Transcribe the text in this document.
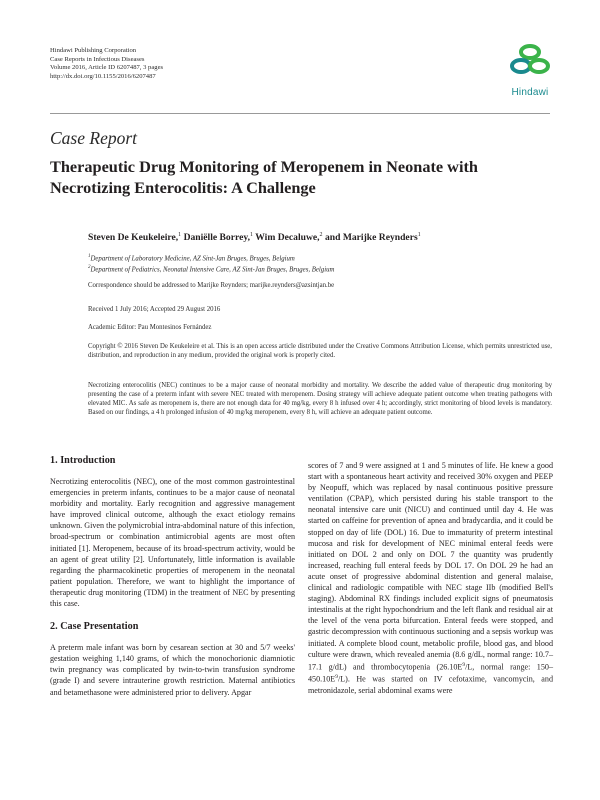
Hindawi Publishing Corporation
Case Reports in Infectious Diseases
Volume 2016, Article ID 6207487, 3 pages
http://dx.doi.org/10.1155/2016/6207487
Hindawi
Case Report
Therapeutic Drug Monitoring of Meropenem in Neonate with Necrotizing Enterocolitis: A Challenge
Steven De Keukeleire,$^1$ Daniëlle Borrey,$^1$ Wim Decaluwe,$^2$ and Marijke Reynders$^1$
$^1$Department of Laboratory Medicine, AZ Sint-Jan Bruges, Bruges, Belgium
$^2$Department of Pediatrics, Neonatal Intensive Care, AZ Sint-Jan Bruges, Bruges, Belgium
Correspondence should be addressed to Marijke Reynders; marijke.reynders@azsintjan.be
Received 1 July 2016; Accepted 29 August 2016
Academic Editor: Pau Montesinos Fernández
Copyright © 2016 Steven De Keukeleire et al. This is an open access article distributed under the Creative Commons Attribution License, which permits unrestricted use, distribution, and reproduction in any medium, provided the original work is properly cited.
Necrotizing enterocolitis (NEC) continues to be a major cause of neonatal morbidity and mortality. We describe the added value of therapeutic drug monitoring by presenting the case of a preterm infant with severe NEC treated with meropenem. Dosing strategy will achieve adequate patient outcome when treating pathogens with elevated MIC. As safe as meropenem is, there are not enough data for 40 mg/kg, every 8 h infused over 4 h; accordingly, strict monitoring of blood levels is mandatory. Based on our findings, a 4 h prolonged infusion of 40 mg/kg meropenem, every 8 h, will achieve an adequate patient outcome.
1. Introduction

Necrotizing enterocolitis (NEC), one of the most common gastrointestinal emergencies in preterm infants, continues to be a major cause of neonatal morbidity and mortality. Early recognition and aggressive management have improved clinical outcome, although the exact etiology remains unknown. Given the polymicrobial intra-abdominal nature of this infection, broad-spectrum or combination antimicrobial agents are most often initiated [1]. Meropenem, because of its broad-spectrum activity, would be an agent of great utility [2]. Unfortunately, little information is available regarding the pharmacokinetic properties of meropenem in the neonatal patient population. Therefore, we want to highlight the importance of therapeutic drug monitoring (TDM) in the treatment of NEC by presenting this case.

2. Case Presentation

A preterm male infant was born by cesarean section at 30 and 5/7 weeks' gestation weighing 1,140 grams, of which the monochorionic diamniotic twin pregnancy was complicated by twin-to-twin transfusion syndrome (grade I) and severe intrauterine growth restriction. Maternal antibiotics and betamethasone were administered prior to delivery. Apgar

scores of 7 and 9 were assigned at 1 and 5 minutes of life. He knew a good start with a spontaneous heart activity and received 30% oxygen and PEEP by Neopuff, which was replaced by nasal continuous positive pressure ventilation (CPAP), which persisted during his stable transport to the neonatal intensive care unit (NICU) and continued until day 4. He was started on caffeine for prevention of apnea and bradycardia, and it could be stopped on day of life (DOL) 16. Due to immaturity of preterm intestinal mucosa and risk for development of NEC minimal enteral feeds were initiated on DOL 2 and only on DOL 7 the quantity was prudently increased, reaching full enteral feeds by DOL 17. On DOL 29 he had an acute onset of progressive abdominal distention and general malaise, clinical and radiologic compatible with NEC stage IIb (modified Bell's staging). Abdominal RX findings included explicit signs of pneumatosis intestinalis at the right hypochondrium and the left flank and residual air at the level of the vena porta bifurcation. Enteral feeds were stopped, and gastric decompression with continuous suctioning and a sepsis workup was initiated. A complete blood count, metabolic profile, blood gas, and blood culture were drawn, which revealed anemia (8.6 g/dL, normal range: 10.7–17.1 g/dL) and thrombocytopenia ($26.10E^9/L$, normal range: $150-450.10E^9/L$). He was started on IV cefotaxime, vancomycin, and metronidazole, serial abdominal exams were
